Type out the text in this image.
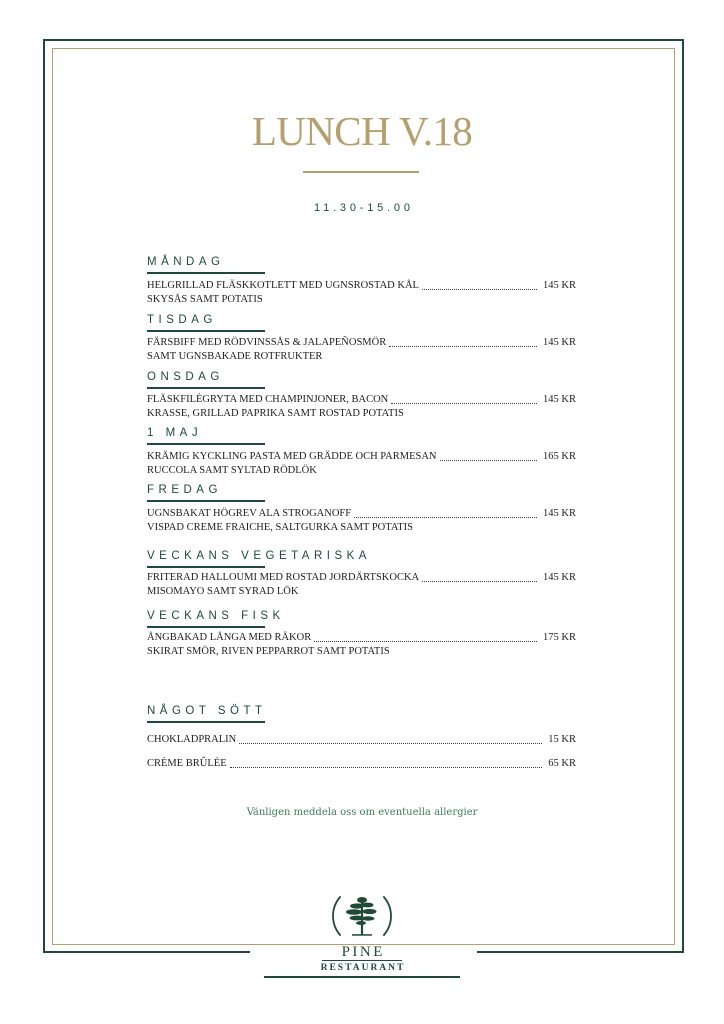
LUNCH V.18
11.30-15.00
MÅNDAG
HELGRILLAD FLÄSKKOTLETT MED UGNSROSTAD KÅL	145 KR
SKYSÅS SAMT POTATIS
TISDAG
FÄRSBIFF MED RÖDVINSSÅS & JALAPEÑOSMÖR	145 KR
SAMT UGNSBAKADE ROTFRUKTER
ONSDAG
FLÄSKFILÉGRYTA MED CHAMPINJONER, BACON	145 KR
KRASSE, GRILLAD PAPRIKA SAMT ROSTAD POTATIS
1 MAJ
KRÄMIG KYCKLING PASTA MED GRÄDDE OCH PARMESAN	165 KR
RUCCOLA SAMT SYLTAD RÖDLÖK
FREDAG
UGNSBAKAT HÖGREV ALA STROGANOFF	145 KR
VISPAD CREME FRAICHE, SALTGURKA SAMT POTATIS
VECKANS VEGETARISKA
FRITERAD HALLOUMI MED ROSTAD JORDÄRTSKOCKA	145 KR
MISOMAYO SAMT SYRAD LÖK
VECKANS FISK
ÅNGBAKAD LÅNGA MED RÄKOR	175 KR
SKIRAT SMÖR, RIVEN PEPPARROT SAMT POTATIS
NÅGOT SÖTT
CHOKLADPRALIN	15 KR
CRÈME BRÛLÉE	65 KR
Vänligen meddela oss om eventuella allergier
PINE
RESTAURANT
